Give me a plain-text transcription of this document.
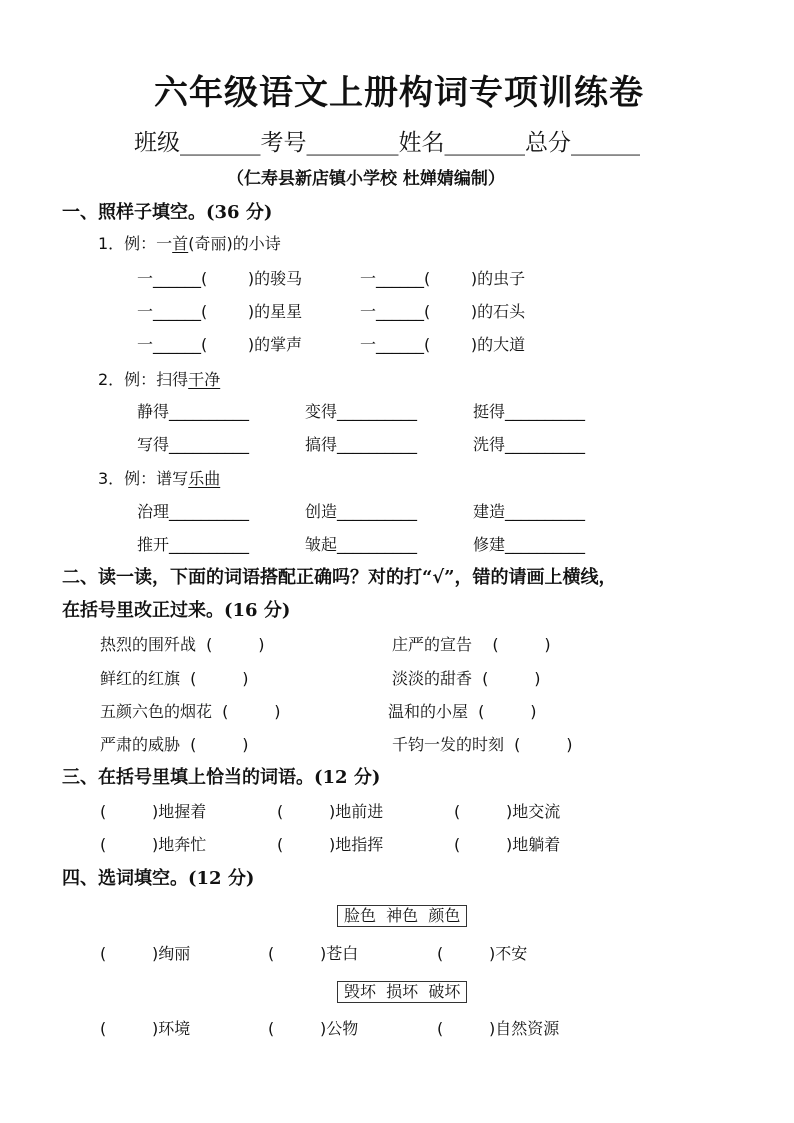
六年级语文上册构词专项训练卷
班级_______考号________姓名_______总分______
（仁寿县新店镇小学校 杜婵婧编制）
一、照样子填空。(36 分)
1．例：一首(奇丽)的小诗
一______(        )的骏马	一______(        )的虫子
一______(        )的星星	一______(        )的石头
一______(        )的掌声	一______(        )的大道
2．例：扫得干净
静得__________	变得__________	挺得__________
写得__________	搞得__________	洗得__________
3．例：谱写乐曲
治理__________	创造__________	建造__________
推开__________	皱起__________	修建__________
二、读一读，下面的词语搭配正确吗？对的打“√”，错的请画上横线，
在括号里改正过来。(16 分)
热烈的围歼战  (         )	庄严的宣告    (         )
鲜红的红旗  (         )	淡淡的甜香  (         )
五颜六色的烟花  (         )	温和的小屋  (         )
严肃的威胁  (         )	千钧一发的时刻  (         )
三、在括号里填上恰当的词语。(12 分)
(         )地握着	(         )地前进	(         )地交流
(         )地奔忙	(         )地指挥	(         )地躺着
四、选词填空。(12 分)
脸色  神色  颜色
(         )绚丽	(         )苍白	(         )不安
毁坏  损坏  破坏
(         )环境	(         )公物	(         )自然资源
